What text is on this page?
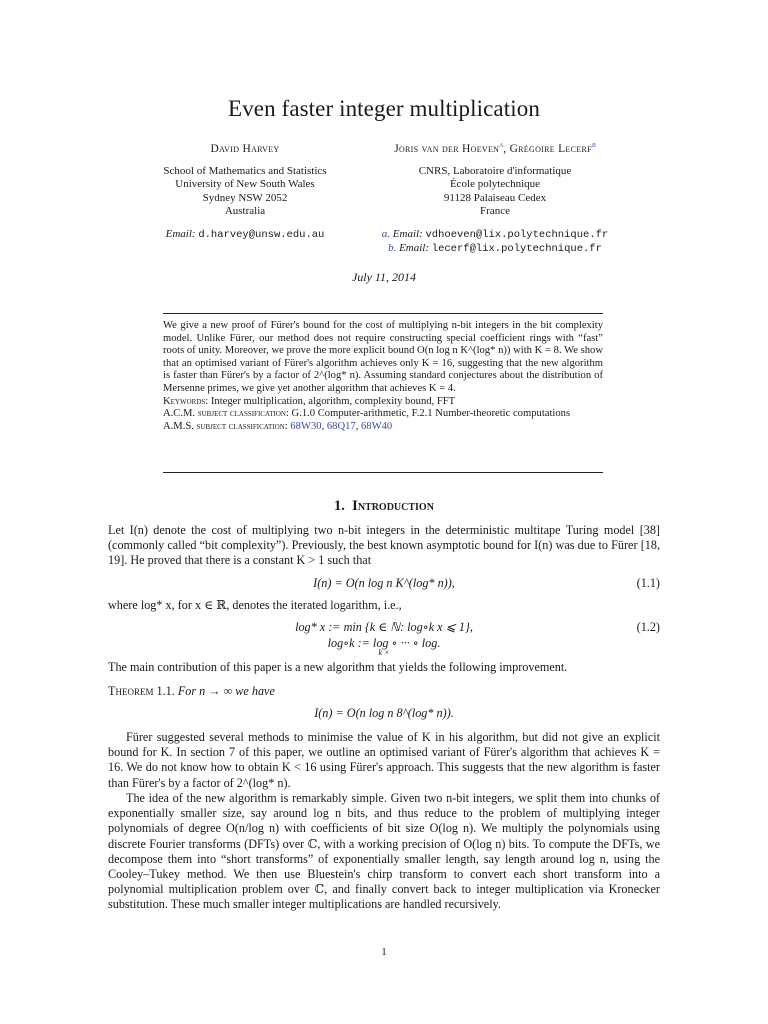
Even faster integer multiplication
David Harvey
School of Mathematics and Statistics
University of New South Wales
Sydney NSW 2052
Australia
Email: d.harvey@unsw.edu.au
Joris van der Hoeven$^a$, Grégoire Lecerf$^b$
CNRS, Laboratoire d'informatique
École polytechnique
91128 Palaiseau Cedex
France
a. Email: vdhoeven@lix.polytechnique.fr
b. Email: lecerf@lix.polytechnique.fr
July 11, 2014

We give a new proof of Fürer's bound for the cost of multiplying n-bit integers in the bit complexity model. Unlike Fürer, our method does not require constructing special coefficient rings with “fast” roots of unity. Moreover, we prove the more explicit bound O(n log n K^(log* n)) with K = 8. We show that an optimised variant of Fürer's algorithm achieves only K = 16, suggesting that the new algorithm is faster than Fürer's by a factor of 2^(log* n). Assuming standard conjectures about the distribution of Mersenne primes, we give yet another algorithm that achieves K = 4.

Keywords: Integer multiplication, algorithm, complexity bound, FFT

A.C.M. subject classification: G.1.0 Computer-arithmetic, F.2.1 Number-theoretic computations

A.M.S. subject classification: 68W30, 68Q17, 68W40

1. Introduction
Let I(n) denote the cost of multiplying two n-bit integers in the deterministic multitape Turing model [38] (commonly called “bit complexity”). Previously, the best known asymptotic bound for I(n) was due to Fürer [18, 19]. He proved that there is a constant K > 1 such that
I(n) = O(n log n K^(log* n)),	(1.1)
where log* x, for x ∈ ℝ, denotes the iterated logarithm, i.e.,
log* x := min {k ∈ ℕ: log∘k x ⩽ 1},	(1.2)
log∘k := log ∘ ··· ∘ log.
k ×
The main contribution of this paper is a new algorithm that yields the following improvement.
Theorem 1.1. For n → ∞ we have
I(n) = O(n log n 8^(log* n)).
Fürer suggested several methods to minimise the value of K in his algorithm, but did not give an explicit bound for K. In section 7 of this paper, we outline an optimised variant of Fürer's algorithm that achieves K = 16. We do not know how to obtain K < 16 using Fürer's approach. This suggests that the new algorithm is faster than Fürer's by a factor of 2^(log* n).
The idea of the new algorithm is remarkably simple. Given two n-bit integers, we split them into chunks of exponentially smaller size, say around log n bits, and thus reduce to the problem of multiplying integer polynomials of degree O(n/log n) with coefficients of bit size O(log n). We multiply the polynomials using discrete Fourier transforms (DFTs) over ℂ, with a working precision of O(log n) bits. To compute the DFTs, we decompose them into “short transforms” of exponentially smaller length, say length around log n, using the Cooley–Tukey method. We then use Bluestein's chirp transform to convert each short transform into a polynomial multiplication problem over ℂ, and finally convert back to integer multiplication via Kronecker substitution. These much smaller integer multiplications are handled recursively.
1
